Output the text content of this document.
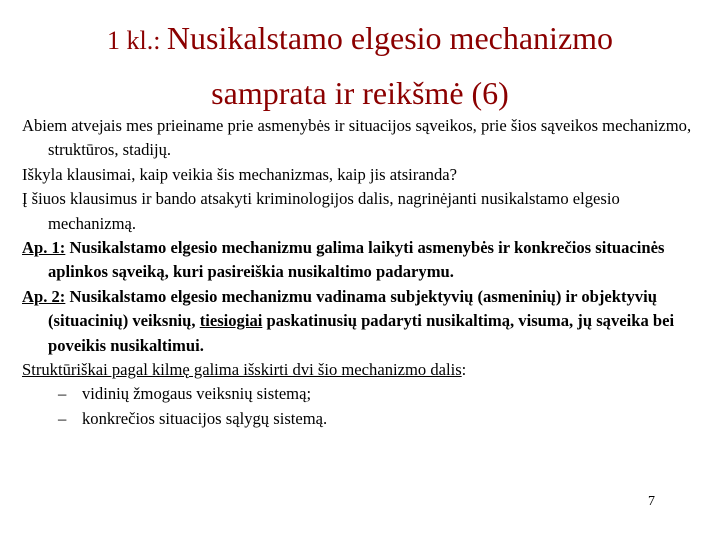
1 kl.: Nusikalstamo elgesio mechanizmo
samprata ir reikšmė (6)

Abiem atvejais mes prieiname prie asmenybės ir situacijos sąveikos, prie šios sąveikos mechanizmo, struktūros, stadijų.

Iškyla klausimai, kaip veikia šis mechanizmas, kaip jis atsiranda?

Į šiuos klausimus ir bando atsakyti kriminologijos dalis, nagrinėjanti nusikalstamo elgesio mechanizmą.

Ap. 1: Nusikalstamo elgesio mechanizmu galima laikyti asmenybės ir konkrečios situacinės aplinkos sąveiką, kuri pasireiškia nusikaltimo padarymu.

Ap. 2: Nusikalstamo elgesio mechanizmu vadinama subjektyvių (asmeninių) ir objektyvių (situacinių) veiksnių, tiesiogiai paskatinusių padaryti nusikaltimą, visuma, jų sąveika bei poveikis nusikaltimui.

Struktūriškai pagal kilmę galima išskirti dvi šio mechanizmo dalis:

– vidinių žmogaus veiksnių sistemą;

– konkrečios situacijos sąlygų sistemą.

7
